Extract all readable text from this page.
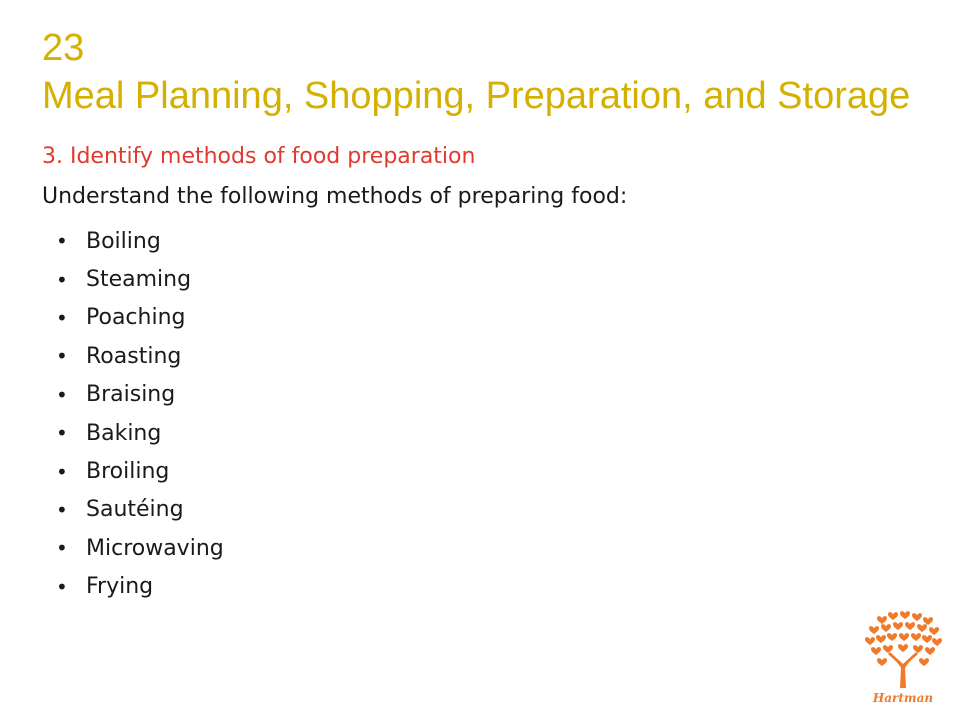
23
Meal Planning, Shopping, Preparation, and Storage
3. Identify methods of food preparation
Understand the following methods of preparing food:
• Boiling
• Steaming
• Poaching
• Roasting
• Braising
• Baking
• Broiling
• Sautéing
• Microwaving
• Frying
Hartman
